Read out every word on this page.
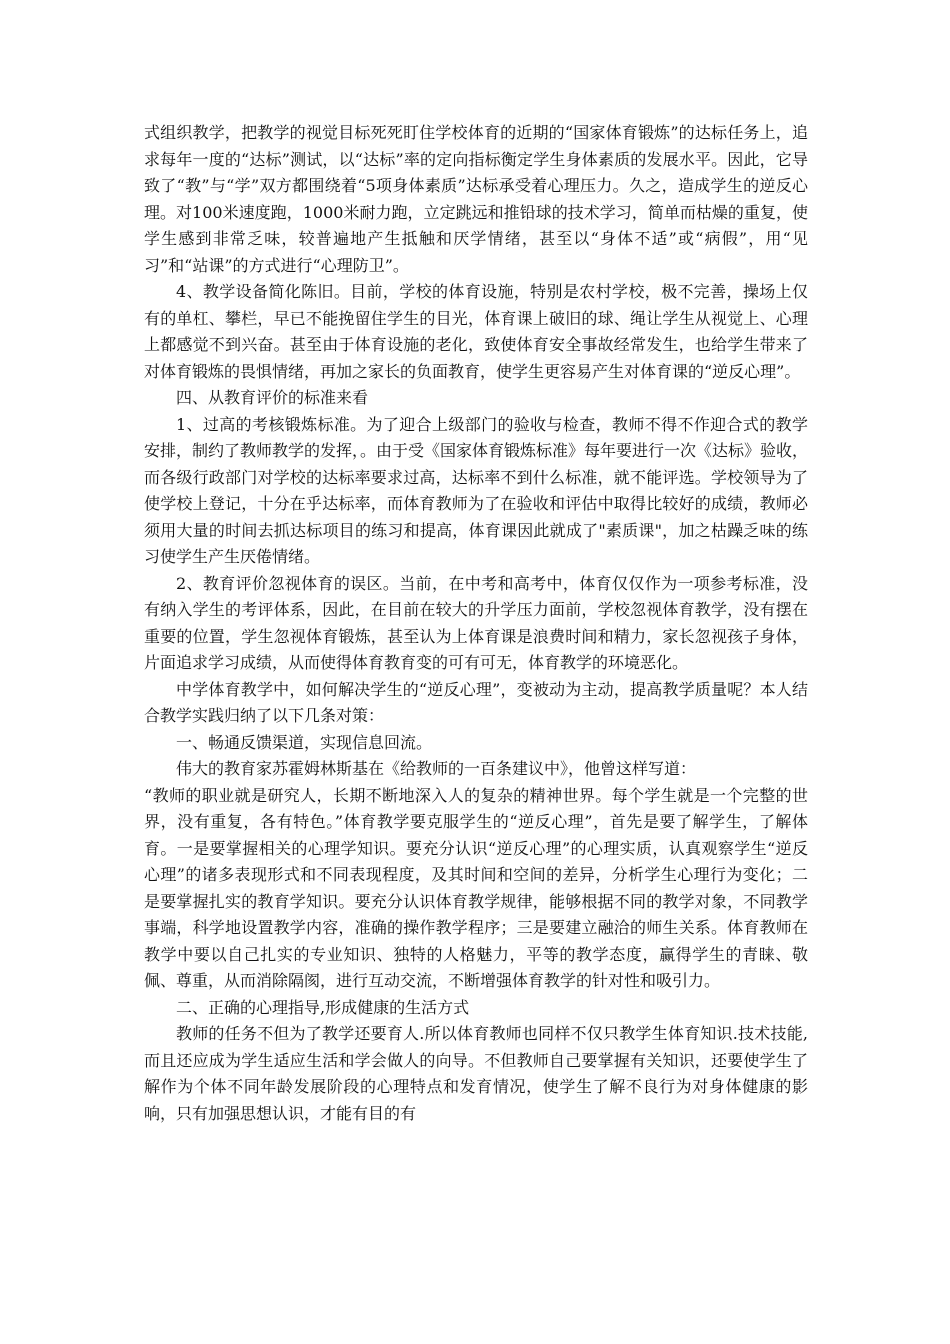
式组织教学，把教学的视觉目标死死盯住学校体育的近期的“国家体育锻炼”的达标任务上，追求每年一度的“达标”测试，以“达标”率的定向指标衡定学生身体素质的发展水平。因此，它导致了“教”与“学”双方都围绕着“5项身体素质”达标承受着心理压力。久之，造成学生的逆反心理。对100米速度跑，1000米耐力跑，立定跳远和推铅球的技术学习，简单而枯燥的重复，使学生感到非常乏味，较普遍地产生抵触和厌学情绪，甚至以“身体不适”或“病假”，用“见习”和“站课”的方式进行“心理防卫”。

4、教学设备简化陈旧。目前，学校的体育设施，特别是农村学校，极不完善，操场上仅有的单杠、攀栏，早已不能挽留住学生的目光，体育课上破旧的球、绳让学生从视觉上、心理上都感觉不到兴奋。甚至由于体育设施的老化，致使体育安全事故经常发生，也给学生带来了对体育锻炼的畏惧情绪，再加之家长的负面教育，使学生更容易产生对体育课的“逆反心理”。

四、从教育评价的标准来看

1、过高的考核锻炼标准。为了迎合上级部门的验收与检查，教师不得不作迎合式的教学安排，制约了教师教学的发挥，。由于受《国家体育锻炼标准》每年要进行一次《达标》验收，而各级行政部门对学校的达标率要求过高，达标率不到什么标准，就不能评选。学校领导为了使学校上登记，十分在乎达标率，而体育教师为了在验收和评估中取得比较好的成绩，教师必须用大量的时间去抓达标项目的练习和提高，体育课因此就成了"素质课"，加之枯躁乏味的练习使学生产生厌倦情绪。

2、教育评价忽视体育的误区。当前，在中考和高考中，体育仅仅作为一项参考标准，没有纳入学生的考评体系，因此，在目前在较大的升学压力面前，学校忽视体育教学，没有摆在重要的位置，学生忽视体育锻炼，甚至认为上体育课是浪费时间和精力，家长忽视孩子身体，片面追求学习成绩，从而使得体育教育变的可有可无，体育教学的环境恶化。

中学体育教学中，如何解决学生的“逆反心理”，变被动为主动，提高教学质量呢？本人结合教学实践归纳了以下几条对策：

一、畅通反馈渠道，实现信息回流。

伟大的教育家苏霍姆林斯基在《给教师的一百条建议中》，他曾这样写道：

“教师的职业就是研究人，长期不断地深入人的复杂的精神世界。每个学生就是一个完整的世界，没有重复，各有特色。”体育教学要克服学生的“逆反心理”，首先是要了解学生，了解体育。一是要掌握相关的心理学知识。要充分认识“逆反心理”的心理实质，认真观察学生“逆反心理”的诸多表现形式和不同表现程度，及其时间和空间的差异，分析学生心理行为变化；二是要掌握扎实的教育学知识。要充分认识体育教学规律，能够根据不同的教学对象，不同教学事端，科学地设置教学内容，准确的操作教学程序；三是要建立融洽的师生关系。体育教师在教学中要以自己扎实的专业知识、独特的人格魅力，平等的教学态度，赢得学生的青睐、敬佩、尊重，从而消除隔阂，进行互动交流，不断增强体育教学的针对性和吸引力。

二、正确的心理指导,形成健康的生活方式

教师的任务不但为了教学还要育人.所以体育教师也同样不仅只教学生体育知识.技术技能,而且还应成为学生适应生活和学会做人的向导。不但教师自己要掌握有关知识，还要使学生了解作为个体不同年龄发展阶段的心理特点和发育情况，使学生了解不良行为对身体健康的影响，只有加强思想认识，才能有目的有
